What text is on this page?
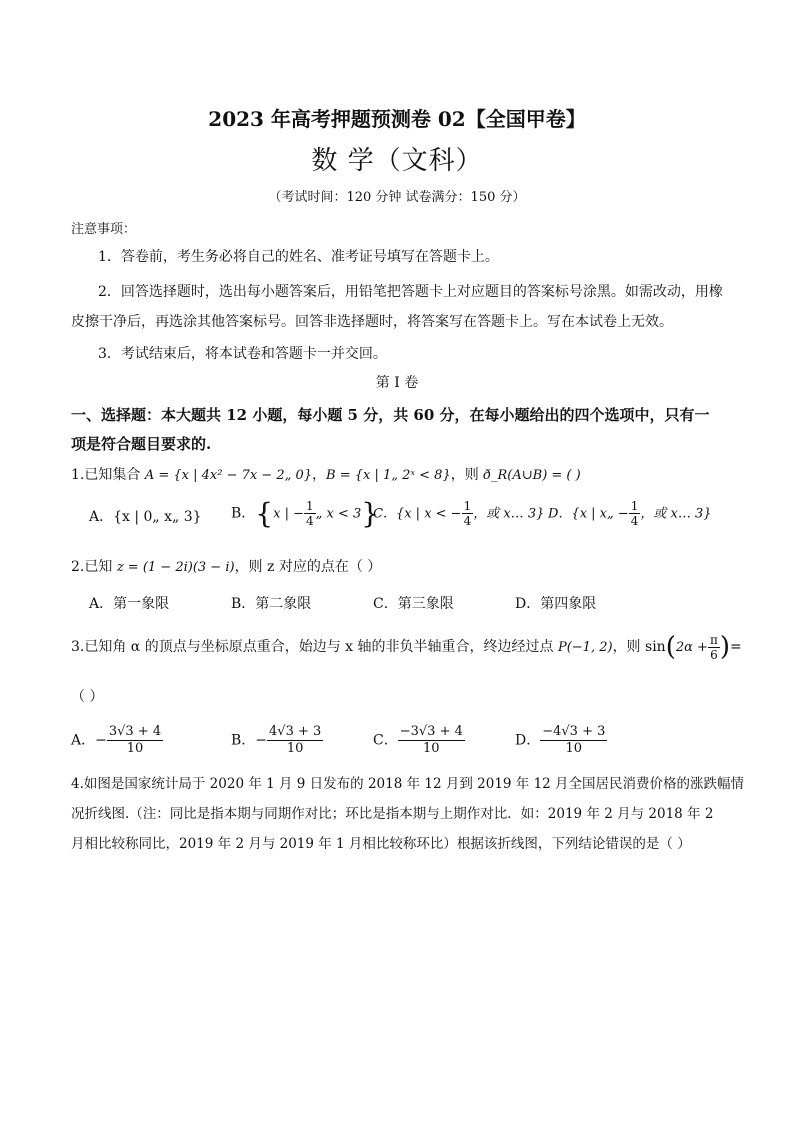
2023 年高考押题预测卷 02【全国甲卷】
数 学（文科）
（考试时间：120 分钟 试卷满分：150 分）
注意事项：
1．答卷前，考生务必将自己的姓名、准考证号填写在答题卡上。
2．回答选择题时，选出每小题答案后，用铅笔把答题卡上对应题目的答案标号涂黑。如需改动，用橡
皮擦干净后，再选涂其他答案标号。回答非选择题时，将答案写在答题卡上。写在本试卷上无效。
3．考试结束后，将本试卷和答题卡一并交回。
第 I 卷
一、选择题：本大题共 12 小题，每小题 5 分，共 60 分，在每小题给出的四个选项中，只有一
项是符合题目要求的.
1.已知集合 A = {x | 4x² − 7x − 2„ 0}，B = {x | 1„ 2ˣ < 8}，则 ð_R(A∪B) = ( )
A．{x | 0„ x„ 3} B．{x | − $\frac{1}{4}$ „ x < 3}
C．{x | x < − $\frac{1}{4}$ ，或 x… 3} D．{x | x„ − $\frac{1}{4}$ ，或 x… 3}
2.已知 z = (1 − 2i)(3 − i)，则 z 对应的点在（ ）
A．第一象限	B．第二象限	C．第三象限	D．第四象限
3.已知角 α 的顶点与坐标原点重合，始边与 x 轴的非负半轴重合，终边经过点 P(−1, 2)，则 $\sin(2\alpha + \frac{\pi}{6}$ )=
（ ）
A．− $\frac{3√3 + 4}{10}$	B．− $\frac{4√3 + 3}{10}$	C． $\frac{-3√3 + 4}{10}$	D． $\frac{-4√3 + 3}{10}$
4.如图是国家统计局于 2020 年 1 月 9 日发布的 2018 年 12 月到 2019 年 12 月全国居民消费价格的涨跌幅情
况折线图.（注：同比是指本期与同期作对比；环比是指本期与上期作对比．如：2019 年 2 月与 2018 年 2
月相比较称同比，2019 年 2 月与 2019 年 1 月相比较称环比）根据该折线图，下列结论错误的是（ ）
